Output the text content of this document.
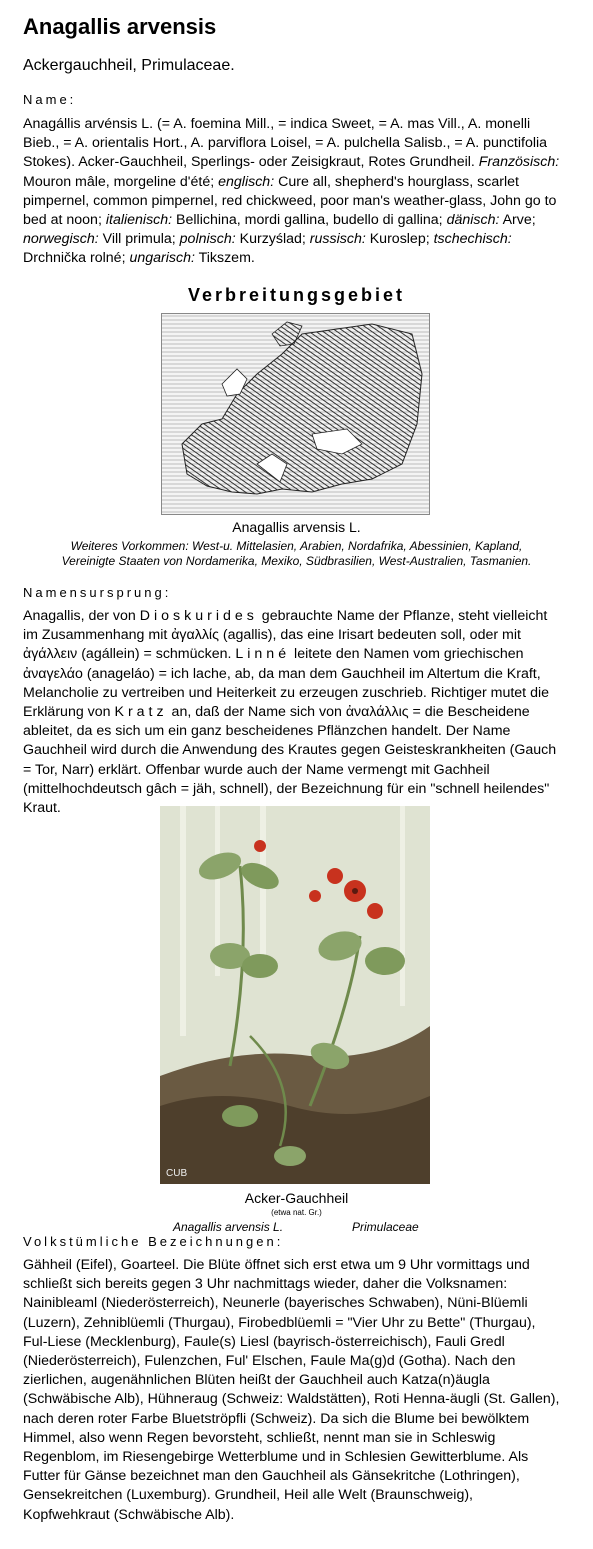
Anagallis arvensis
Ackergauchheil, Primulaceae.
Name:
Anagállis arvénsis L. (= A. foemina Mill., = indica Sweet, = A. mas Vill., A. monelli Bieb., = A. orientalis Hort., A. parviflora Loisel, = A. pulchella Salisb., = A. punctifolia Stokes). Acker-Gauchheil, Sperlings- oder Zeisigkraut, Rotes Grundheil. Französisch: Mouron mâle, morgeline d'été; englisch: Cure all, shepherd's hourglass, scarlet pimpernel, common pimpernel, red chickweed, poor man's weather-glass, John go to bed at noon; italienisch: Bellichina, mordi gallina, budello di gallina; dänisch: Arve; norwegisch: Vill primula; polnisch: Kurzyślad; russisch: Kuroslep; tschechisch: Drchnička rolné; ungarisch: Tikszem.
Verbreitungsgebiet
Anagallis arvensis L.
Weiteres Vorkommen: West-u. Mittelasien, Arabien, Nordafrika, Abessinien, Kapland,
Vereinigte Staaten von Nordamerika, Mexiko, Südbrasilien, West-Australien, Tasmanien.
Namensursprung:
Anagallis, der von Dioskurides gebrauchte Name der Pflanze, steht vielleicht im Zusammenhang mit ἀγαλλίς (agallis), das eine Irisart bedeuten soll, oder mit ἀγάλλειν (agállein) = schmücken. Linné leitete den Namen vom griechischen ἀναγελάο (anageláo) = ich lache, ab, da man dem Gauchheil im Altertum die Kraft, Melancholie zu vertreiben und Heiterkeit zu erzeugen zuschrieb. Richtiger mutet die Erklärung von Kratz an, daß der Name sich von ἀναλάλλις = die Bescheidene ableitet, da es sich um ein ganz bescheidenes Pflänzchen handelt. Der Name Gauchheil wird durch die Anwendung des Krautes gegen Geisteskrankheiten (Gauch = Tor, Narr) erklärt. Offenbar wurde auch der Name vermengt mit Gachheil (mittelhochdeutsch gâch = jäh, schnell), der Bezeichnung für ein "schnell heilendes" Kraut.
CUB
Acker-Gauchheil
(etwa nat. Gr.)
Anagallis arvensis L.	Primulaceae
Volkstümliche Bezeichnungen:
Gähheil (Eifel), Goarteel. Die Blüte öffnet sich erst etwa um 9 Uhr vormittags und schließt sich bereits gegen 3 Uhr nachmittags wieder, daher die Volksnamen: Nainibleaml (Niederösterreich), Neunerle (bayerisches Schwaben), Nüni-Blüemli (Luzern), Zehniblüemli (Thurgau), Firobedblüemli = "Vier Uhr zu Bette" (Thurgau), Ful-Liese (Mecklenburg), Faule(s) Liesl (bayrisch-österreichisch), Fauli Gredl (Niederösterreich), Fulenzchen, Ful' Elschen, Faule Ma(g)d (Gotha). Nach den zierlichen, augenähnlichen Blüten heißt der Gauchheil auch Katza(n)äugla (Schwäbische Alb), Hühneraug (Schweiz: Waldstätten), Roti Henna-äugli (St. Gallen), nach deren roter Farbe Bluetströpfli (Schweiz). Da sich die Blume bei bewölktem Himmel, also wenn Regen bevorsteht, schließt, nennt man sie in Schleswig Regenblom, im Riesengebirge Wetterblume und in Schlesien Gewitterblume. Als Futter für Gänse bezeichnet man den Gauchheil als Gänsekritche (Lothringen), Gensekreitchen (Luxemburg). Grundheil, Heil alle Welt (Braunschweig), Kopfwehkraut (Schwäbische Alb).
